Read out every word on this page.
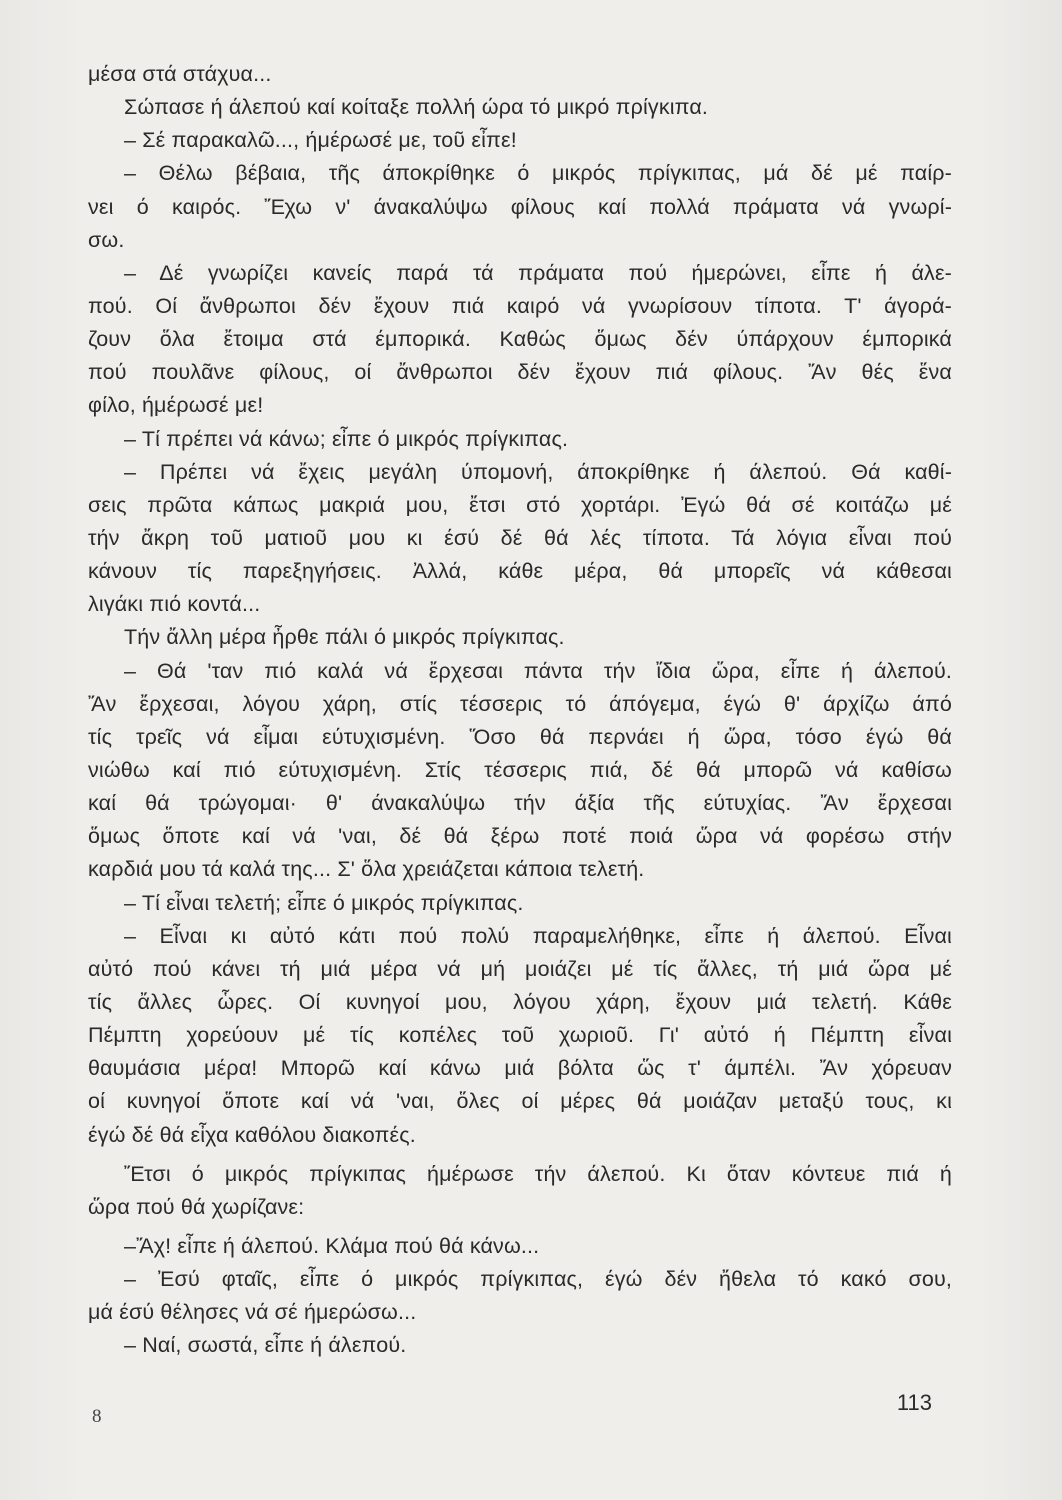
μέσα στά στάχυα...
Σώπασε ή άλεπού καί κοίταξε πολλή ώρα τό μικρό πρίγκιπα.
– Σέ παρακαλῶ..., ήμέρωσέ με, τοῦ εἶπε!
– Θέλω βέβαια, τῆς άποκρίθηκε ό μικρός πρίγκιπας, μά δέ μέ παίρ-
νει ό καιρός. Ἔχω ν' άνακαλύψω φίλους καί πολλά πράματα νά γνωρί-
σω.
– Δέ γνωρίζει κανείς παρά τά πράματα πού ήμερώνει, εἶπε ή άλε-
πού. Οί ἄνθρωποι δέν ἔχουν πιά καιρό νά γνωρίσουν τίποτα. Τ' άγορά-
ζουν ὅλα ἔτοιμα στά έμπορικά. Καθώς ὅμως δέν ύπάρχουν έμπορικά
πού πουλᾶνε φίλους, οί ἄνθρωποι δέν ἔχουν πιά φίλους. Ἄν θές ἕνα
φίλο, ήμέρωσέ με!
– Τί πρέπει νά κάνω; εἶπε ό μικρός πρίγκιπας.
– Πρέπει νά ἔχεις μεγάλη ύπομονή, άποκρίθηκε ή άλεπού. Θά καθί-
σεις πρῶτα κάπως μακριά μου, ἔτσι στό χορτάρι. Ἐγώ θά σέ κοιτάζω μέ
τήν ἄκρη τοῦ ματιοῦ μου κι έσύ δέ θά λές τίποτα. Τά λόγια εἶναι πού
κάνουν τίς παρεξηγήσεις. Ἀλλά, κάθε μέρα, θά μπορεῖς νά κάθεσαι
λιγάκι πιό κοντά...
Τήν ἄλλη μέρα ἦρθε πάλι ό μικρός πρίγκιπας.
– Θά 'ταν πιό καλά νά ἔρχεσαι πάντα τήν ἴδια ὥρα, εἶπε ή άλεπού.
Ἄν ἔρχεσαι, λόγου χάρη, στίς τέσσερις τό άπόγεμα, έγώ θ' άρχίζω άπό
τίς τρεῖς νά εἶμαι εύτυχισμένη. Ὅσο θά περνάει ή ὥρα, τόσο έγώ θά
νιώθω καί πιό εύτυχισμένη. Στίς τέσσερις πιά, δέ θά μπορῶ νά καθίσω
καί θά τρώγομαι· θ' άνακαλύψω τήν άξία τῆς εύτυχίας. Ἄν ἔρχεσαι
ὅμως ὅποτε καί νά 'ναι, δέ θά ξέρω ποτέ ποιά ὥρα νά φορέσω στήν
καρδιά μου τά καλά της... Σ' ὅλα χρειάζεται κάποια τελετή.
– Τί εἶναι τελετή; εἶπε ό μικρός πρίγκιπας.
– Εἶναι κι αὐτό κάτι πού πολύ παραμελήθηκε, εἶπε ή άλεπού. Εἶναι
αὐτό πού κάνει τή μιά μέρα νά μή μοιάζει μέ τίς ἄλλες, τή μιά ὥρα μέ
τίς ἄλλες ὧρες. Οί κυνηγοί μου, λόγου χάρη, ἔχουν μιά τελετή. Κάθε
Πέμπτη χορεύουν μέ τίς κοπέλες τοῦ χωριοῦ. Γι' αὐτό ή Πέμπτη εἶναι
θαυμάσια μέρα! Μπορῶ καί κάνω μιά βόλτα ὥς τ' άμπέλι. Ἄν χόρευαν
οί κυνηγοί ὅποτε καί νά 'ναι, ὅλες οί μέρες θά μοιάζαν μεταξύ τους, κι
έγώ δέ θά εἶχα καθόλου διακοπές.
Ἔτσι ό μικρός πρίγκιπας ήμέρωσε τήν άλεπού. Κι ὅταν κόντευε πιά ή
ὥρα πού θά χωρίζανε:
–Ἄχ! εἶπε ή άλεπού. Κλάμα πού θά κάνω...
– Ἐσύ φταῖς, εἶπε ό μικρός πρίγκιπας, έγώ δέν ἤθελα τό κακό σου,
μά έσύ θέλησες νά σέ ήμερώσω...
– Ναί, σωστά, εἶπε ή άλεπού.
8
113
